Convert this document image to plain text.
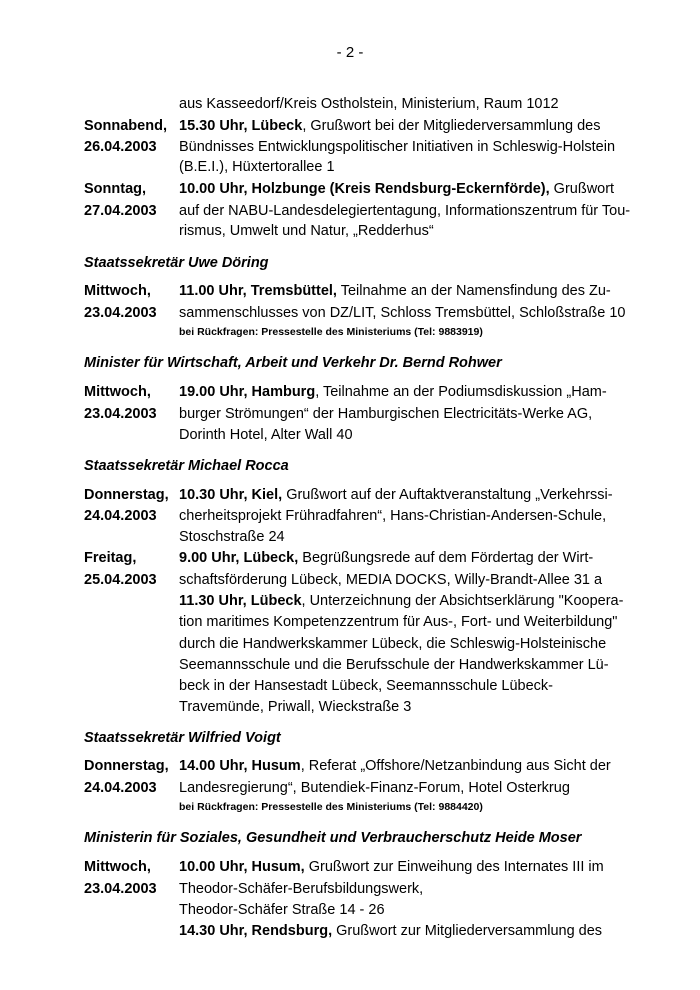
- 2 -
aus Kasseedorf/Kreis Ostholstein, Ministerium, Raum 1012
Sonnabend,
26.04.2003
15.30 Uhr, Lübeck, Grußwort bei der Mitgliederversammlung des
Bündnisses Entwicklungspolitischer Initiativen in Schleswig-Holstein
(B.E.I.), Hüxtertorallee 1
Sonntag,
27.04.2003
10.00 Uhr, Holzbunge (Kreis Rendsburg-Eckernförde), Grußwort
auf der NABU-Landesdelegiertentagung, Informationszentrum für Tou-
rismus, Umwelt und Natur, „Redderhus“
Staatssekretär Uwe Döring
Mittwoch,
23.04.2003
11.00 Uhr, Tremsbüttel, Teilnahme an der Namensfindung des Zu-
sammenschlusses von DZ/LIT, Schloss Tremsbüttel, Schloßstraße 10
bei Rückfragen: Pressestelle des Ministeriums (Tel: 9883919)
Minister für Wirtschaft, Arbeit und Verkehr Dr. Bernd Rohwer
Mittwoch,
23.04.2003
19.00 Uhr, Hamburg, Teilnahme an der Podiumsdiskussion „Ham-
burger Strömungen“ der Hamburgischen Electricitäts-Werke AG,
Dorinth Hotel, Alter Wall 40
Staatssekretär Michael Rocca
Donnerstag,
24.04.2003
10.30 Uhr, Kiel, Grußwort auf der Auftaktveranstaltung „Verkehrssi-
cherheitsprojekt Frühradfahren“, Hans-Christian-Andersen-Schule,
Stoschstraße 24
Freitag,
25.04.2003
9.00 Uhr, Lübeck, Begrüßungsrede auf dem Fördertag der Wirt-
schaftsförderung Lübeck, MEDIA DOCKS, Willy-Brandt-Allee 31 a
11.30 Uhr, Lübeck, Unterzeichnung der Absichtserklärung "Koopera-
tion maritimes Kompetenzzentrum für Aus-, Fort- und Weiterbildung"
durch die Handwerkskammer Lübeck, die Schleswig-Holsteinische
Seemannsschule und die Berufsschule der Handwerkskammer Lü-
beck in der Hansestadt Lübeck, Seemannsschule Lübeck-
Travemünde, Priwall, Wieckstraße 3
Staatssekretär Wilfried Voigt
Donnerstag,
24.04.2003
14.00 Uhr, Husum, Referat „Offshore/Netzanbindung aus Sicht der
Landesregierung“, Butendiek-Finanz-Forum, Hotel Osterkrug
bei Rückfragen: Pressestelle des Ministeriums (Tel: 9884420)
Ministerin für Soziales, Gesundheit und Verbraucherschutz Heide Moser
Mittwoch,
23.04.2003
10.00 Uhr, Husum, Grußwort zur Einweihung des Internates III im
Theodor-Schäfer-Berufsbildungswerk,
Theodor-Schäfer Straße 14 - 26
14.30 Uhr, Rendsburg, Grußwort zur Mitgliederversammlung des
